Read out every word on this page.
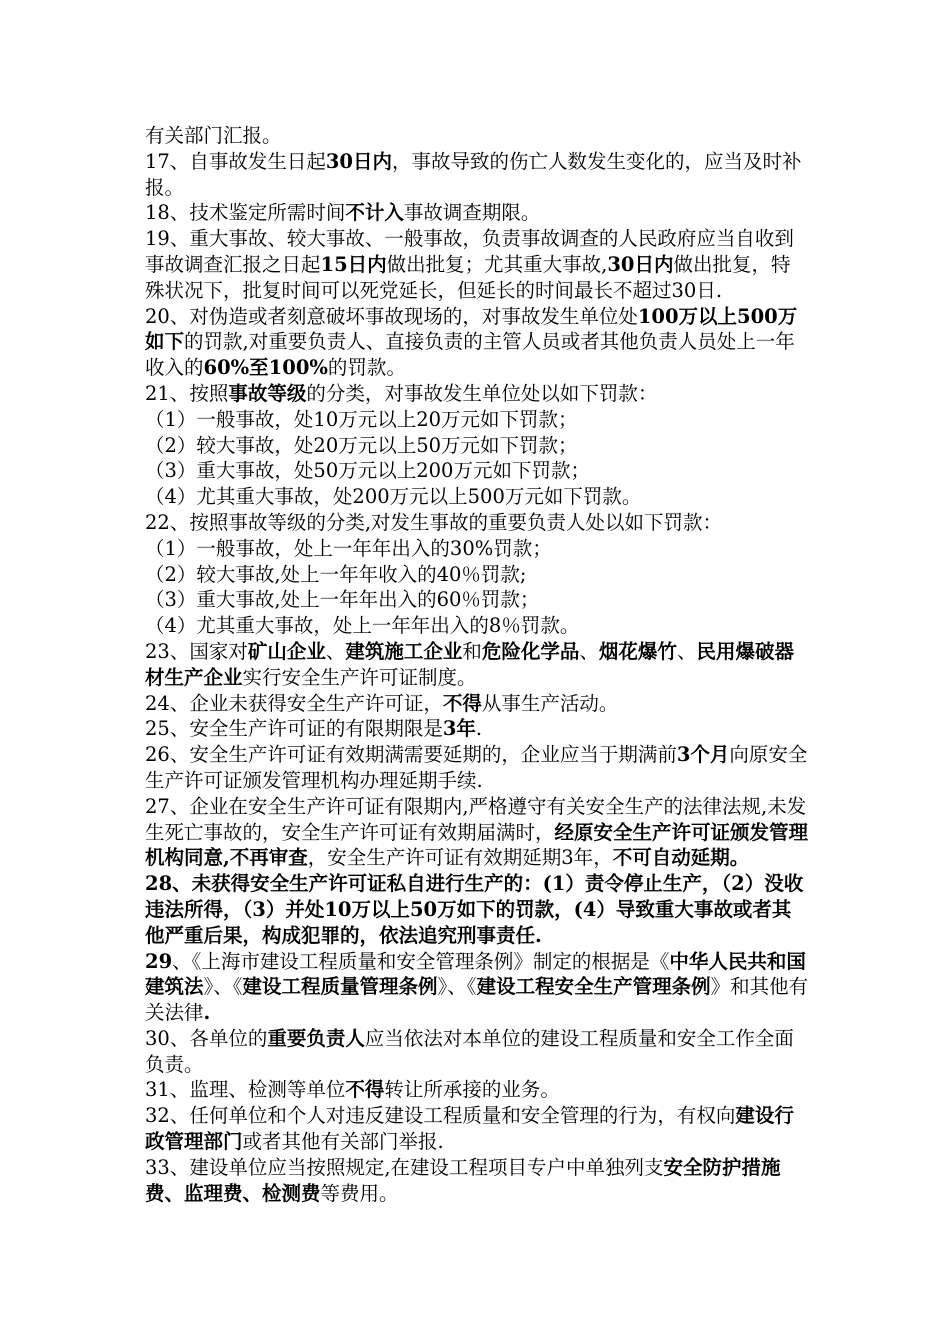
有关部门汇报。

17、自事故发生日起30日内，事故导致的伤亡人数发生变化的，应当及时补报。

18、技术鉴定所需时间不计入事故调查期限。

19、重大事故、较大事故、一般事故，负责事故调查的人民政府应当自收到事故调查汇报之日起15日内做出批复；尤其重大事故,30日内做出批复，特殊状况下，批复时间可以死党延长，但延长的时间最长不超过30日.

20、对伪造或者刻意破坏事故现场的，对事故发生单位处100万以上500万如下的罚款,对重要负责人、直接负责的主管人员或者其他负责人员处上一年收入的60%至100%的罚款。

21、按照事故等级的分类，对事故发生单位处以如下罚款：

（1）一般事故，处10万元以上20万元如下罚款；

（2）较大事故，处20万元以上50万元如下罚款；

（3）重大事故，处50万元以上200万元如下罚款；

（4）尤其重大事故，处200万元以上500万元如下罚款。

22、按照事故等级的分类,对发生事故的重要负责人处以如下罚款：

（1）一般事故，处上一年年出入的30%罚款；

（2）较大事故,处上一年年收入的40％罚款;

（3）重大事故,处上一年年出入的60％罚款；

（4）尤其重大事故，处上一年年出入的8％罚款。

23、国家对矿山企业、建筑施工企业和危险化学品、烟花爆竹、民用爆破器材生产企业实行安全生产许可证制度。

24、企业未获得安全生产许可证，不得从事生产活动。

25、安全生产许可证的有限期限是3年.

26、安全生产许可证有效期满需要延期的，企业应当于期满前3个月向原安全生产许可证颁发管理机构办理延期手续.

27、企业在安全生产许可证有限期内,严格遵守有关安全生产的法律法规,未发生死亡事故的，安全生产许可证有效期届满时，经原安全生产许可证颁发管理机构同意,不再审查，安全生产许可证有效期延期3年，不可自动延期。

28、未获得安全生产许可证私自进行生产的：(1）责令停止生产，（2）没收违法所得，（3）并处10万以上50万如下的罚款，(4）导致重大事故或者其他严重后果，构成犯罪的，依法追究刑事责任.

29、《上海市建设工程质量和安全管理条例》制定的根据是《中华人民共和国建筑法》、《建设工程质量管理条例》、《建设工程安全生产管理条例》和其他有关法律.

30、各单位的重要负责人应当依法对本单位的建设工程质量和安全工作全面负责。

31、监理、检测等单位不得转让所承接的业务。

32、任何单位和个人对违反建设工程质量和安全管理的行为，有权向建设行政管理部门或者其他有关部门举报.

33、建设单位应当按照规定,在建设工程项目专户中单独列支安全防护措施费、监理费、检测费等费用。
